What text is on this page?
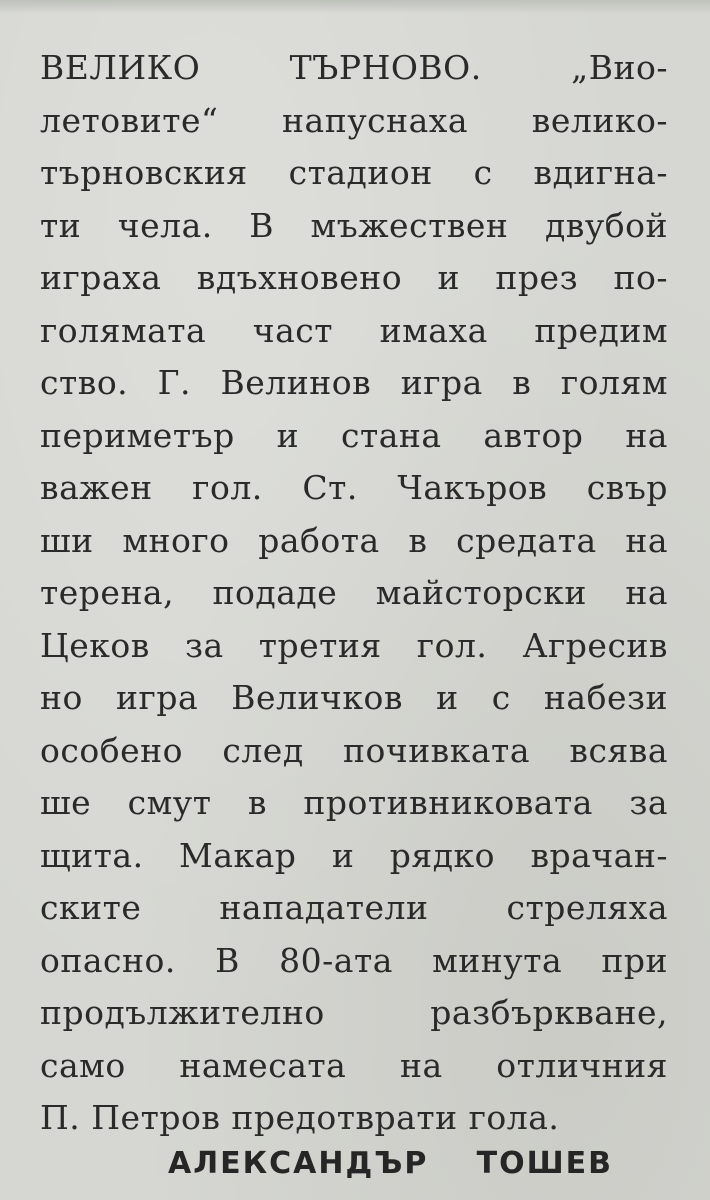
ВЕЛИКО ТЪРНОВО. „Вио-
летовите“ напуснаха велико-
търновския стадион с вдигна-
ти чела. В мъжествен двубой
играха вдъхновено и през по-
голямата част имаха предим
ство. Г. Велинов игра в голям
периметър и стана автор на
важен гол. Ст. Чакъров свър
ши много работа в средата на
терена, подаде майсторски на
Цеков за третия гол. Агресив
но игра Величков и с набези
особено след почивката всява
ше смут в противниковата за
щита. Макар и рядко врачан-
ските нападатели стреляха
опасно. В 80-ата минута при
продължително разбъркване,
само намесата на отличния
П. Петров предотврати гола.
АЛЕКСАНДЪР ТОШЕВ
